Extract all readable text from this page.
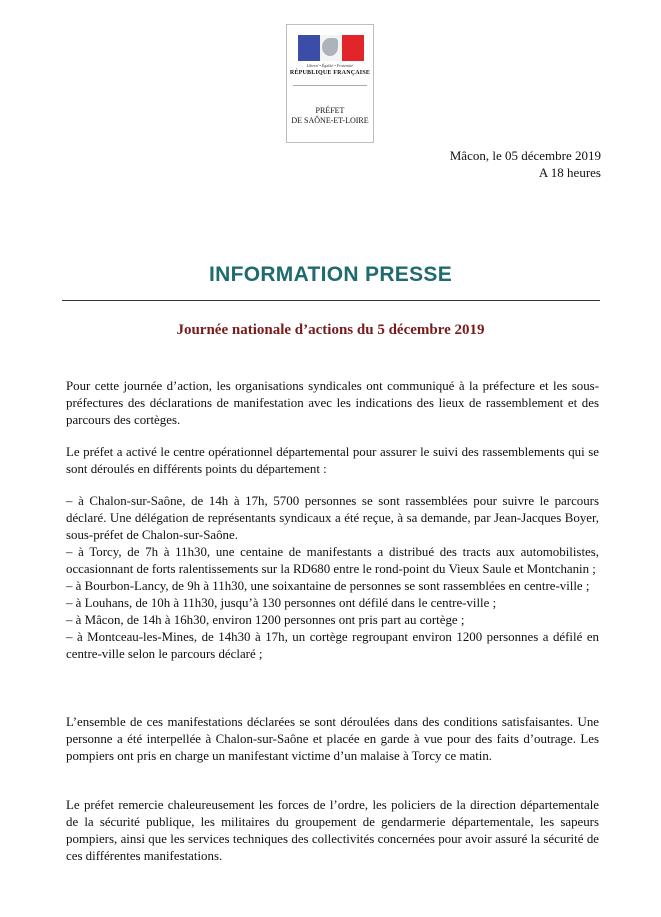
Liberté • Égalité • Fraternité
RÉPUBLIQUE FRANÇAISE
PRÉFET
DE SAÔNE-ET-LOIRE
Mâcon, le 05 décembre 2019
A 18 heures
INFORMATION PRESSE
Journée nationale d’actions du 5 décembre 2019
Pour cette journée d’action, les organisations syndicales ont communiqué à la préfecture et les sous-préfectures des déclarations de manifestation avec les indications des lieux de rassemblement et des parcours des cortèges.
Le préfet a activé le centre opérationnel départemental pour assurer le suivi des rassemblements qui se sont déroulés en différents points du département :
– à Chalon-sur-Saône, de 14h à 17h, 5700 personnes se sont rassemblées pour suivre le parcours déclaré. Une délégation de représentants syndicaux a été reçue, à sa demande, par Jean-Jacques Boyer, sous-préfet de Chalon-sur-Saône.
– à Torcy, de 7h à 11h30, une centaine de manifestants a distribué des tracts aux automobilistes, occasionnant de forts ralentissements sur la RD680 entre le rond-point du Vieux Saule et Montchanin ;
– à Bourbon-Lancy, de 9h à 11h30, une soixantaine de personnes se sont rassemblées en centre-ville ;
– à Louhans, de 10h à 11h30, jusqu’à 130 personnes ont défilé dans le centre-ville ;
– à Mâcon, de 14h à 16h30, environ 1200 personnes ont pris part au cortège ;
– à Montceau-les-Mines, de 14h30 à 17h, un cortège regroupant environ 1200 personnes a défilé en centre-ville selon le parcours déclaré ;
L’ensemble de ces manifestations déclarées se sont déroulées dans des conditions satisfaisantes. Une personne a été interpellée à Chalon-sur-Saône et placée en garde à vue pour des faits d’outrage. Les pompiers ont pris en charge un manifestant victime d’un malaise à Torcy ce matin.
Le préfet remercie chaleureusement les forces de l’ordre, les policiers de la direction départementale de la sécurité publique, les militaires du groupement de gendarmerie départementale, les sapeurs pompiers, ainsi que les services techniques des collectivités concernées pour avoir assuré la sécurité de ces différentes manifestations.
